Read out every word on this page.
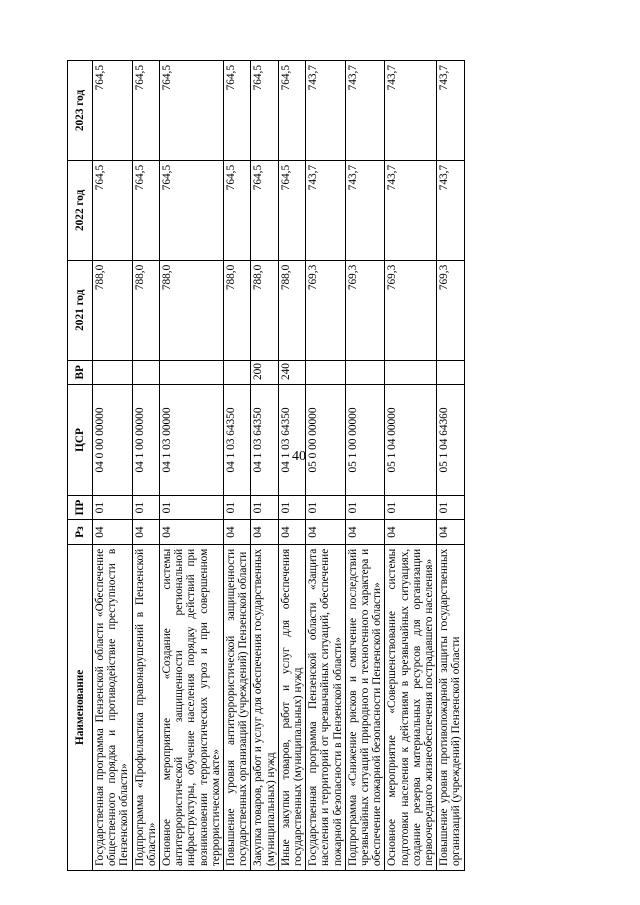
40
Наименование	Рз	ПР	ЦСР	ВР	2021 год	2022 год	2023 год
Государственная программа Пензенской области «Обеспечение общественного порядка и противодействие преступности в Пензенской области»	04	01	04 0 00 00000		788,0	764,5	764,5
Подпрограмма «Профилактика правонарушений в Пензенской области»	04	01	04 1 00 00000		788,0	764,5	764,5
Основное мероприятие «Создание системы антитеррористической защищенности региональной инфраструктуры, обучение населения порядку действий при возникновении террористических угроз и при совершенном террористическом акте»	04	01	04 1 03 00000		788,0	764,5	764,5
Повышение уровня антитеррористической защищенности государственных организаций (учреждений) Пензенской области	04	01	04 1 03 64350		788,0	764,5	764,5
Закупка товаров, работ и услуг для обеспечения государственных (муниципальных) нужд	04	01	04 1 03 64350	200	788,0	764,5	764,5
Иные закупки товаров, работ и услуг для обеспечения государственных (муниципальных) нужд	04	01	04 1 03 64350	240	788,0	764,5	764,5
Государственная программа Пензенской области «Защита населения и территорий от чрезвычайных ситуаций, обеспечение пожарной безопасности в Пензенской области»	04	01	05 0 00 00000		769,3	743,7	743,7
Подпрограмма «Снижение рисков и смягчение последствий чрезвычайных ситуаций природного и техногенного характера и обеспечение пожарной безопасности Пензенской области»	04	01	05 1 00 00000		769,3	743,7	743,7
Основное мероприятие «Совершенствование системы подготовки населения к действиям в чрезвычайных ситуациях, создание резерва материальных ресурсов для организации первоочередного жизнеобеспечения пострадавшего населения»	04	01	05 1 04 00000		769,3	743,7	743,7
Повышение уровня противопожарной защиты государственных организаций (учреждений) Пензенской области	04	01	05 1 04 64360		769,3	743,7	743,7
